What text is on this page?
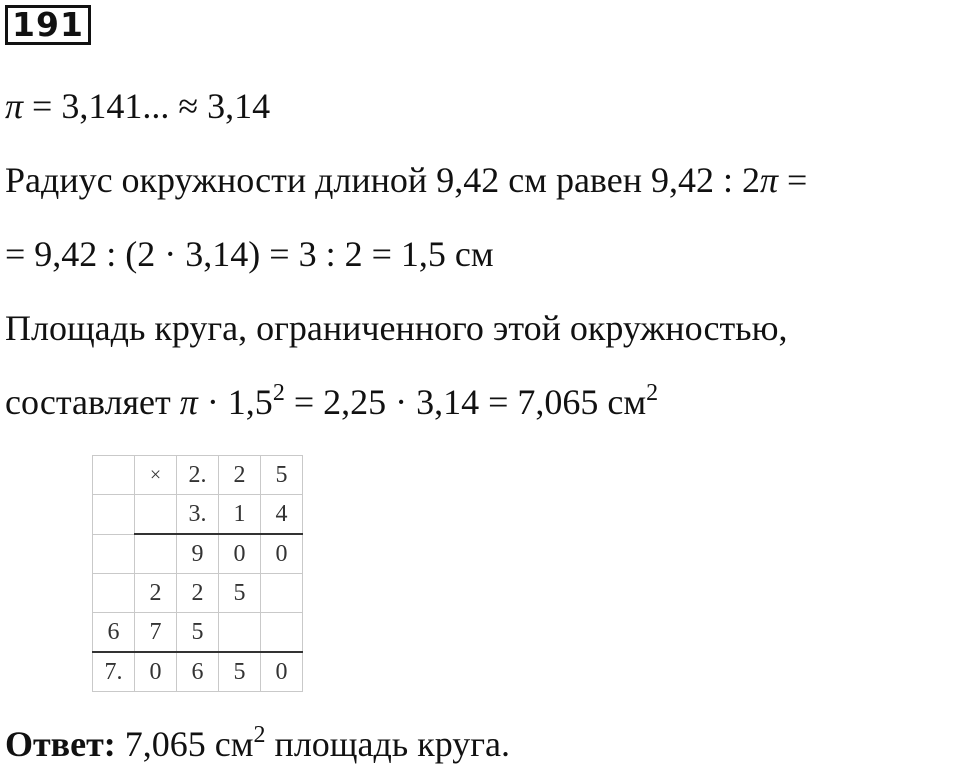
191
π = 3,141... ≈ 3,14
Радиус окружности длиной 9,42 см равен 9,42 : 2π =
= 9,42 : (2 · 3,14) = 3 : 2 = 1,5 см
Площадь круга, ограниченного этой окружностью,
составляет $\pi \cdot 1,5^2 = 2,25 \cdot 3,14 = 7,065$ $см^2$
	×	2.	2	5
		3.	1	4
		9	0	0
	2	2	5	
6	7	5		
7.	0	6	5	0
Ответ: 7,065 $см^2$ площадь круга.
